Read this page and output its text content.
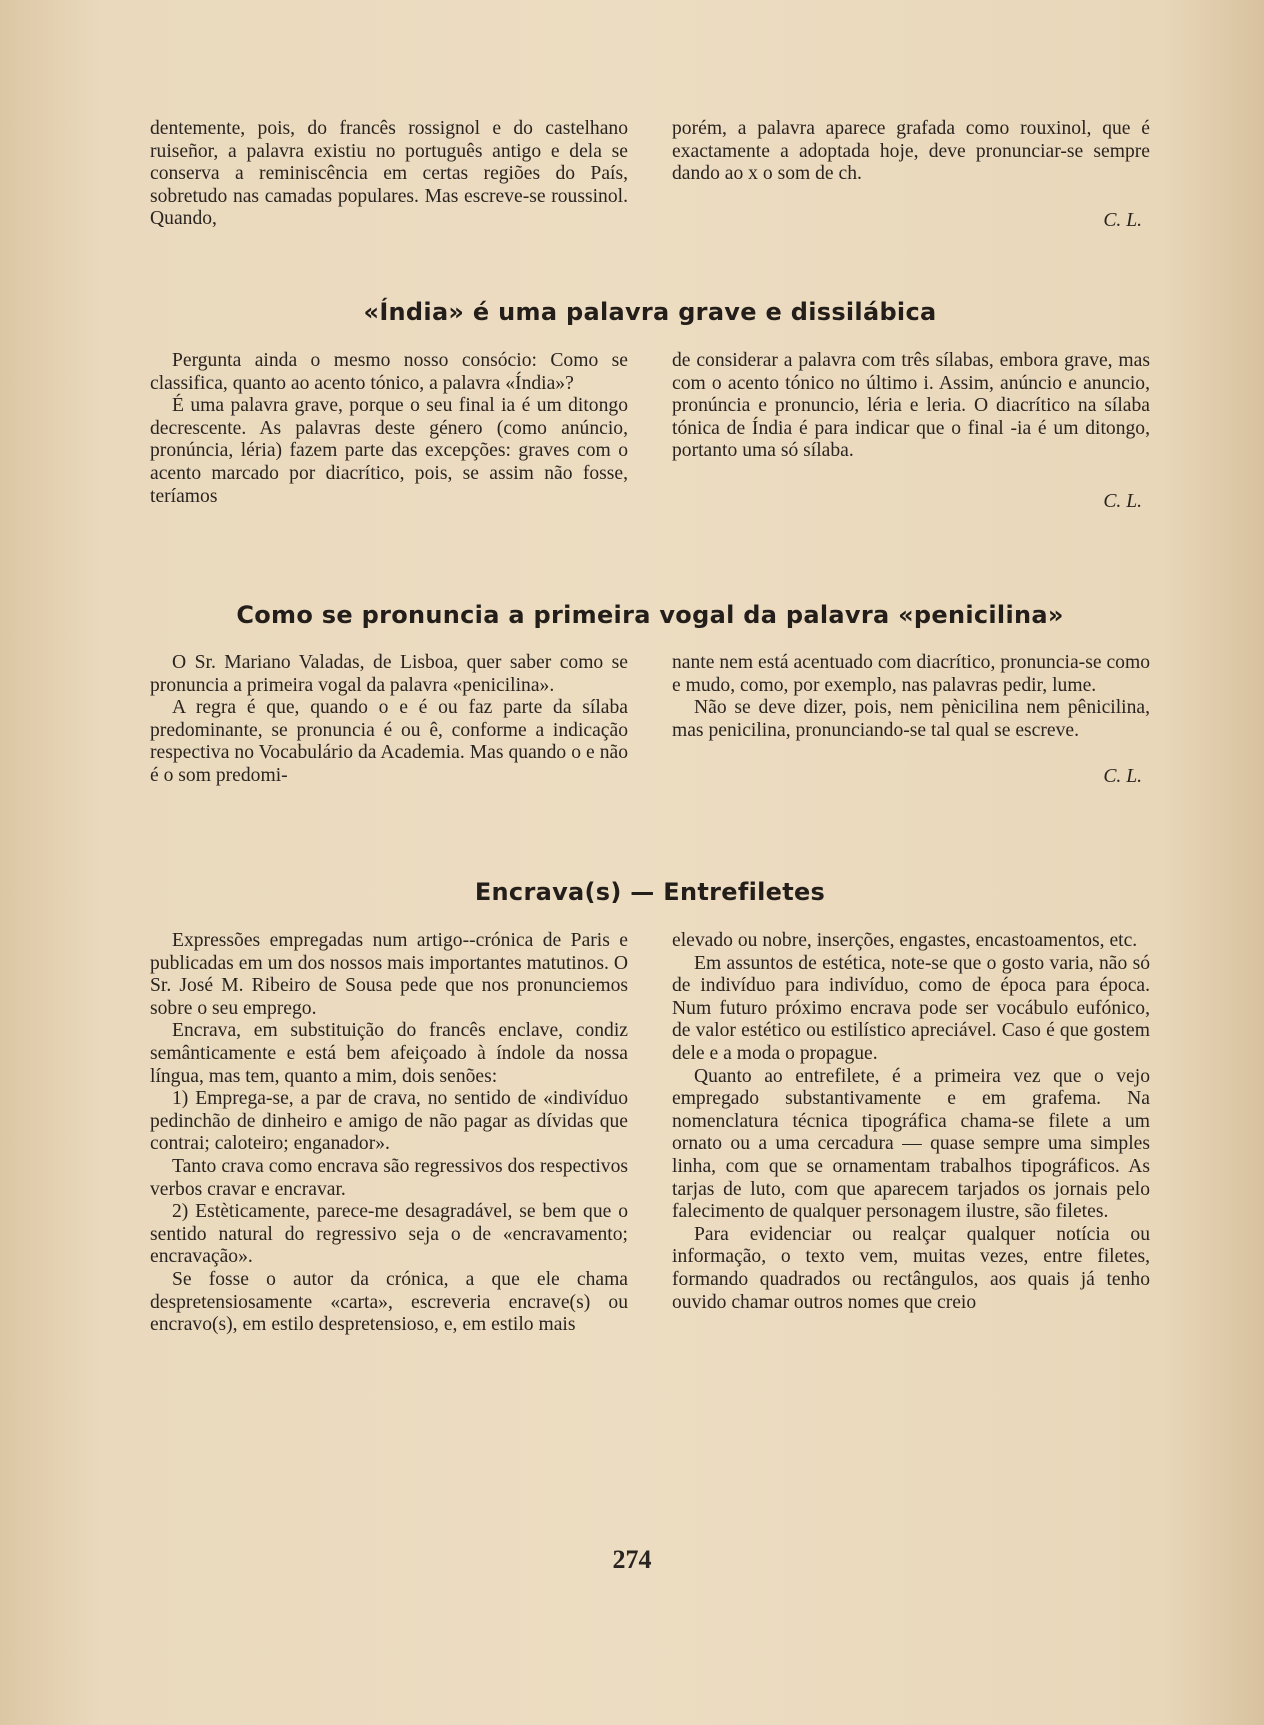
dentemente, pois, do francês rossignol e do castelhano ruiseñor, a palavra existiu no português antigo e dela se conserva a reminiscência em certas regiões do País, sobretudo nas camadas populares. Mas escreve-se roussinol. Quando,

porém, a palavra aparece grafada como rouxinol, que é exactamente a adoptada hoje, deve pronunciar-se sempre dando ao x o som de ch.

C. L.

«Índia» é uma palavra grave e dissilábica

Pergunta ainda o mesmo nosso consócio: Como se classifica, quanto ao acento tónico, a palavra «Índia»?

É uma palavra grave, porque o seu final ia é um ditongo decrescente. As palavras deste género (como anúncio, pronúncia, léria) fazem parte das excepções: graves com o acento marcado por diacrítico, pois, se assim não fosse, teríamos

de considerar a palavra com três sílabas, embora grave, mas com o acento tónico no último i. Assim, anúncio e anuncio, pronúncia e pronuncio, léria e leria. O diacrítico na sílaba tónica de Índia é para indicar que o final -ia é um ditongo, portanto uma só sílaba.

C. L.

Como se pronuncia a primeira vogal da palavra «penicilina»

O Sr. Mariano Valadas, de Lisboa, quer saber como se pronuncia a primeira vogal da palavra «penicilina».

A regra é que, quando o e é ou faz parte da sílaba predominante, se pronuncia é ou ê, conforme a indicação respectiva no Vocabulário da Academia. Mas quando o e não é o som predomi-

nante nem está acentuado com diacrítico, pronuncia-se como e mudo, como, por exemplo, nas palavras pedir, lume.

Não se deve dizer, pois, nem pènicilina nem pênicilina, mas penicilina, pronunciando-se tal qual se escreve.

C. L.

Encrava(s) — Entrefiletes

Expressões empregadas num artigo--crónica de Paris e publicadas em um dos nossos mais importantes matutinos. O Sr. José M. Ribeiro de Sousa pede que nos pronunciemos sobre o seu emprego.

Encrava, em substituição do francês enclave, condiz semânticamente e está bem afeiçoado à índole da nossa língua, mas tem, quanto a mim, dois senões:

1) Emprega-se, a par de crava, no sentido de «indivíduo pedinchão de dinheiro e amigo de não pagar as dívidas que contrai; caloteiro; enganador».

Tanto crava como encrava são regressivos dos respectivos verbos cravar e encravar.

2) Estèticamente, parece-me desagradável, se bem que o sentido natural do regressivo seja o de «encravamento; encravação».

Se fosse o autor da crónica, a que ele chama despretensiosamente «carta», escreveria encrave(s) ou encravo(s), em estilo despretensioso, e, em estilo mais

elevado ou nobre, inserções, engastes, encastoamentos, etc.

Em assuntos de estética, note-se que o gosto varia, não só de indivíduo para indivíduo, como de época para época. Num futuro próximo encrava pode ser vocábulo eufónico, de valor estético ou estilístico apreciável. Caso é que gostem dele e a moda o propague.

Quanto ao entrefilete, é a primeira vez que o vejo empregado substantivamente e em grafema. Na nomenclatura técnica tipográfica chama-se filete a um ornato ou a uma cercadura — quase sempre uma simples linha, com que se ornamentam trabalhos tipográficos. As tarjas de luto, com que aparecem tarjados os jornais pelo falecimento de qualquer personagem ilustre, são filetes.

Para evidenciar ou realçar qualquer notícia ou informação, o texto vem, muitas vezes, entre filetes, formando quadrados ou rectângulos, aos quais já tenho ouvido chamar outros nomes que creio

274
